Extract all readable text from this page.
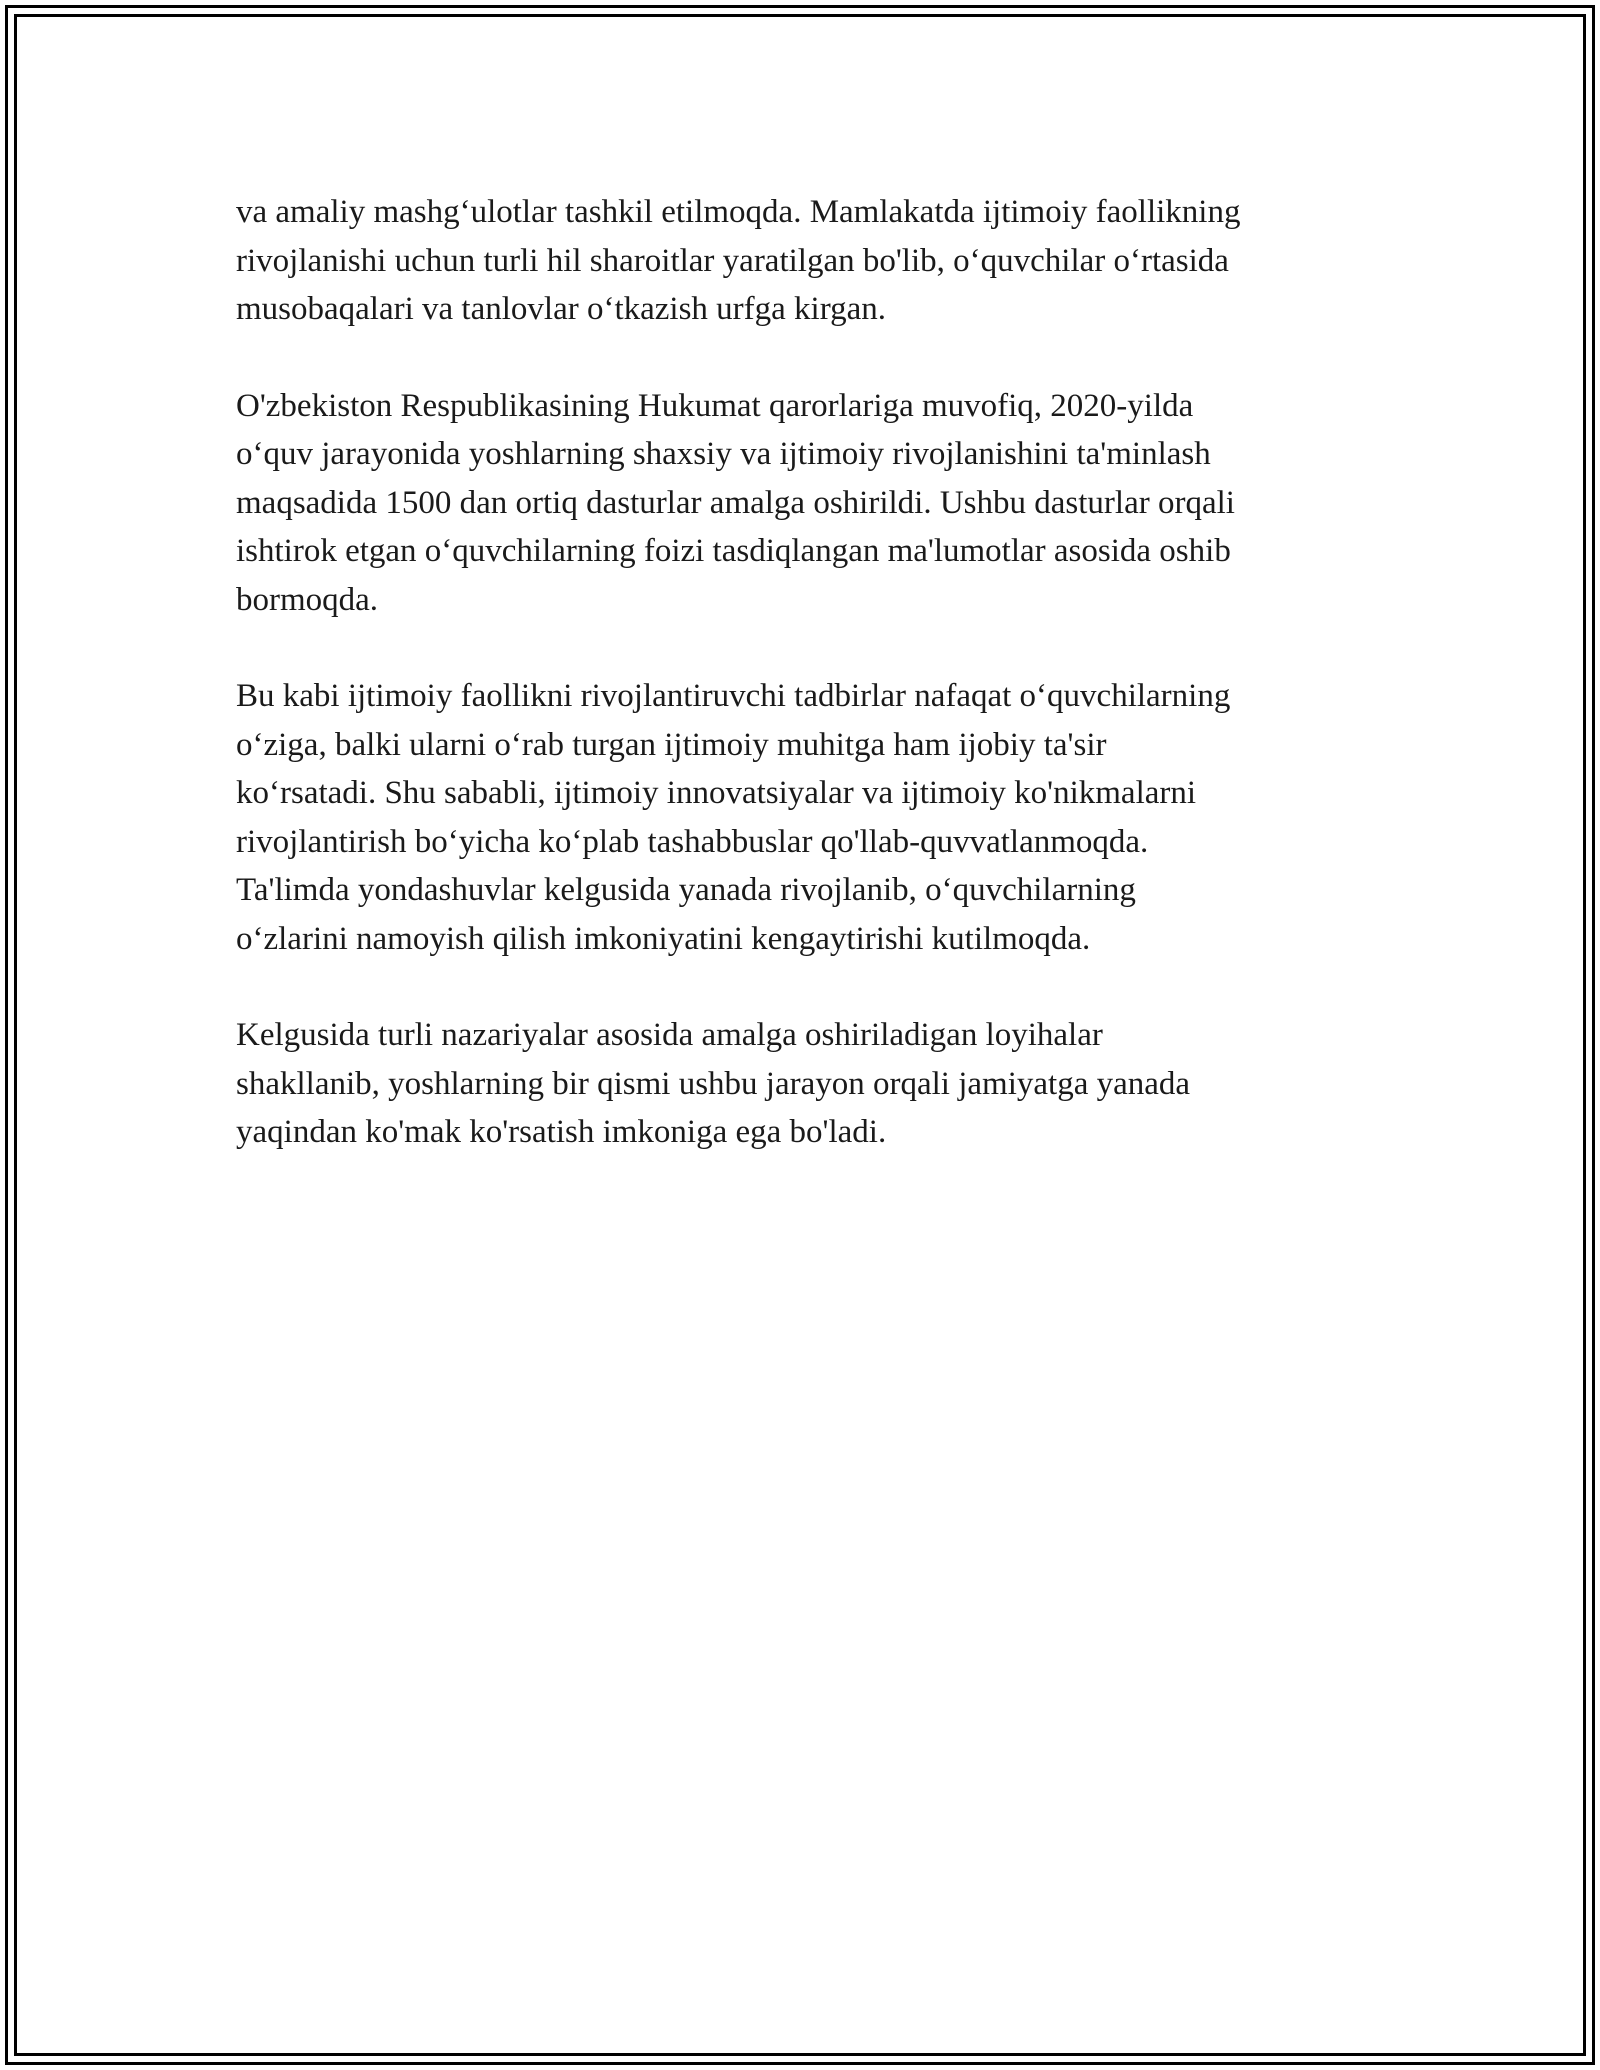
va amaliy mashg‘ulotlar tashkil etilmoqda. Mamlakatda ijtimoiy faollikning
rivojlanishi uchun turli hil sharoitlar yaratilgan bo'lib, o‘quvchilar o‘rtasida
musobaqalari va tanlovlar o‘tkazish urfga kirgan.

O'zbekiston Respublikasining Hukumat qarorlariga muvofiq, 2020-yilda
o‘quv jarayonida yoshlarning shaxsiy va ijtimoiy rivojlanishini ta'minlash
maqsadida 1500 dan ortiq dasturlar amalga oshirildi. Ushbu dasturlar orqali
ishtirok etgan o‘quvchilarning foizi tasdiqlangan ma'lumotlar asosida oshib
bormoqda.

Bu kabi ijtimoiy faollikni rivojlantiruvchi tadbirlar nafaqat o‘quvchilarning
o‘ziga, balki ularni o‘rab turgan ijtimoiy muhitga ham ijobiy ta'sir
ko‘rsatadi. Shu sababli, ijtimoiy innovatsiyalar va ijtimoiy ko'nikmalarni
rivojlantirish bo‘yicha ko‘plab tashabbuslar qo'llab-quvvatlanmoqda.
Ta'limda yondashuvlar kelgusida yanada rivojlanib, o‘quvchilarning
o‘zlarini namoyish qilish imkoniyatini kengaytirishi kutilmoqda.

Kelgusida turli nazariyalar asosida amalga oshiriladigan loyihalar
shakllanib, yoshlarning bir qismi ushbu jarayon orqali jamiyatga yanada
yaqindan ko'mak ko'rsatish imkoniga ega bo'ladi.
